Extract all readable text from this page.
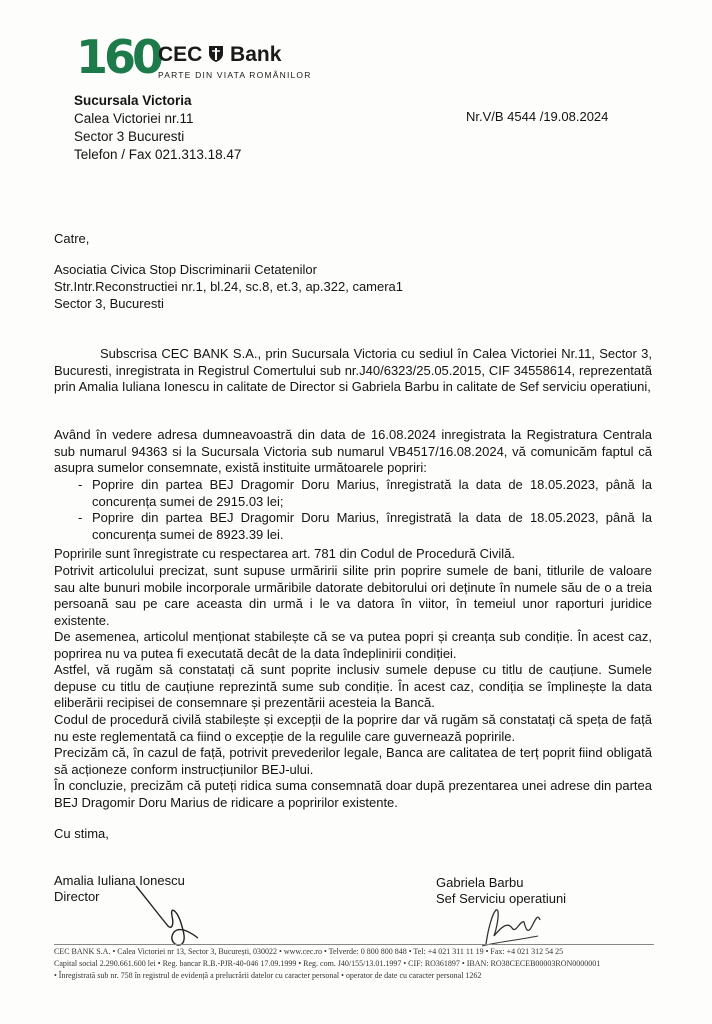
160
CEC Bank
PARTE DIN VIATA ROMÂNILOR
Sucursala Victoria
Calea Victoriei nr.11
Sector 3 Bucuresti
Telefon / Fax 021.313.18.47
Nr.V/B 4544 /19.08.2024
Catre,
Asociatia Civica Stop Discriminarii Cetatenilor
Str.Intr.Reconstructiei nr.1, bl.24, sc.8, et.3, ap.322, camera1
Sector 3, Bucuresti
Subscrisa CEC BANK S.A., prin Sucursala Victoria cu sediul în Calea Victoriei Nr.11, Sector 3, Bucuresti, inregistrata in Registrul Comertului sub nr.J40/6323/25.05.2015, CIF 34558614, reprezentatã prin Amalia Iuliana Ionescu in calitate de Director si Gabriela Barbu in calitate de Sef serviciu operatiuni,
Având în vedere adresa dumneavoastră din data de 16.08.2024 inregistrata la Registratura Centrala sub numarul 94363 si la Sucursala Victoria sub numarul VB4517/16.08.2024, vă comunicăm faptul că asupra sumelor consemnate, există instituite următoarele popriri:
- Poprire din partea BEJ Dragomir Doru Marius, înregistrată la data de 18.05.2023, până la concurența sumei de 2915.03 lei;
- Poprire din partea BEJ Dragomir Doru Marius, înregistrată la data de 18.05.2023, până la concurența sumei de 8923.39 lei.
Popririle sunt înregistrate cu respectarea art. 781 din Codul de Procedură Civilă.
Potrivit articolului precizat, sunt supuse urmăririi silite prin poprire sumele de bani, titlurile de valoare sau alte bunuri mobile incorporale urmăribile datorate debitorului ori deținute în numele său de o a treia persoană sau pe care aceasta din urmă i le va datora în viitor, în temeiul unor raporturi juridice existente.
De asemenea, articolul menționat stabilește că se va putea popri și creanța sub condiție. În acest caz, poprirea nu va putea fi executată decât de la data îndeplinirii condiției.
Astfel, vă rugăm să constatați că sunt poprite inclusiv sumele depuse cu titlu de cauțiune. Sumele depuse cu titlu de cauțiune reprezintă sume sub condiție. În acest caz, condiția se împlinește la data eliberării recipisei de consemnare și prezentării acesteia la Bancă.
Codul de procedură civilă stabilește și excepții de la poprire dar vă rugăm să constatați că speța de față nu este reglementată ca fiind o excepție de la regulile care guvernează popririle.
Precizăm că, în cazul de față, potrivit prevederilor legale, Banca are calitatea de terț poprit fiind obligată să acționeze conform instrucțiunilor BEJ-ului.
În concluzie, precizăm că puteți ridica suma consemnată doar după prezentarea unei adrese din partea BEJ Dragomir Doru Marius de ridicare a popririlor existente.
Cu stima,
Amalia Iuliana Ionescu
Director
Gabriela Barbu
Sef Serviciu operatiuni
CEC BANK S.A. • Calea Victoriei nr 13, Sector 3, București, 030022 • www.cec.ro • Telverde: 0 800 800 848 • Tel: +4 021 311 11 19 • Fax: +4 021 312 54 25
Capital social 2.290.661.600 lei • Reg. bancar R.B.-PJR-40-046 17.09.1999 • Reg. com. J40/155/13.01.1997 • CIF: RO361897 • IBAN: RO38CECEB00003RON0000001
• Înregistrată sub nr. 758 în registrul de evidență a prelucrării datelor cu caracter personal • operator de date cu caracter personal 1262
